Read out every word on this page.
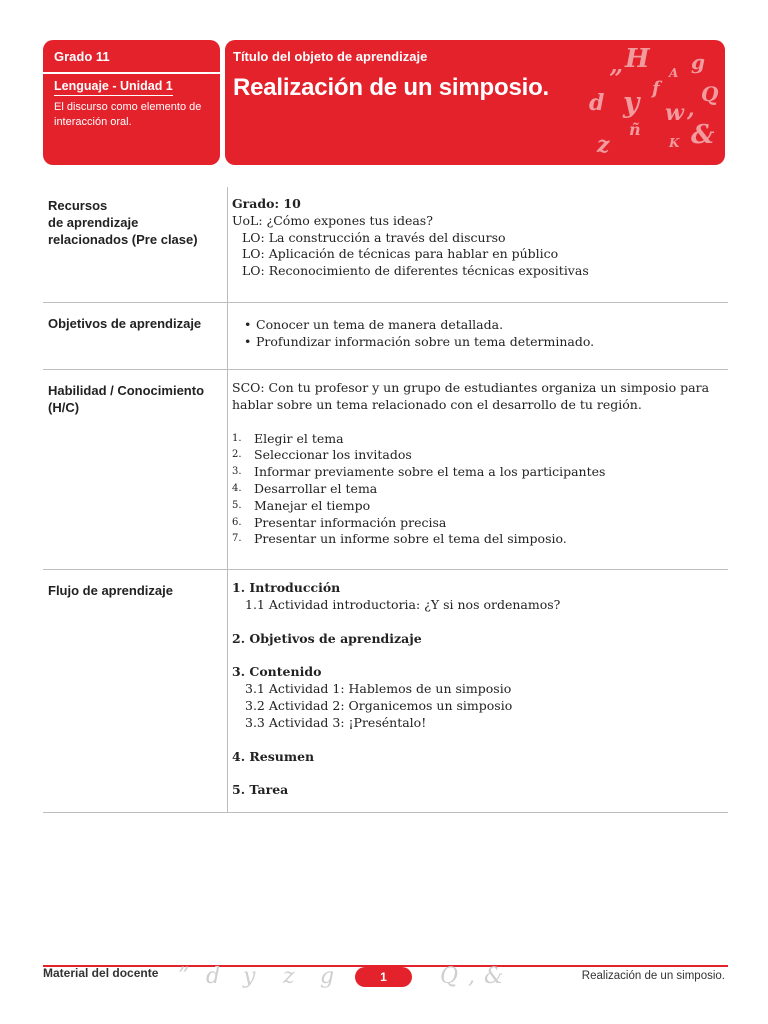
Grado 11
Lenguaje - Unidad 1
El discurso como elemento de interacción oral.
Título del objeto de aprendizaje
Realización de un simposio.
H g
A
” f Q
d y w ,
&
ñ
z	K
Recursos
de aprendizaje
relacionados (Pre clase)
Grado: 10
UoL: ¿Cómo expones tus ideas?
LO: La construcción a través del discurso
LO: Aplicación de técnicas para hablar en público
LO: Reconocimiento de diferentes técnicas expositivas
Objetivos de aprendizaje
•	Conocer un tema de manera detallada.
• Profundizar información sobre un tema determinado.
Habilidad / Conocimiento
(H/C)
SCO: Con tu profesor y un grupo de estudiantes organiza un simposio para hablar sobre un tema relacionado con el desarrollo de tu región.
1. Elegir el tema
2. Seleccionar los invitados
3. Informar previamente sobre el tema a los participantes
4. Desarrollar el tema
5. Manejar el tiempo
6. Presentar información precisa
7. Presentar un informe sobre el tema del simposio.
Flujo de aprendizaje	1. Introducción
1.1 Actividad introductoria: ¿Y si nos ordenamos?
2. Objetivos de aprendizaje
3. Contenido
3.1 Actividad 1: Hablemos de un simposio
3.2 Actividad 2: Organicemos un simposio
3.3 Actividad 3: ¡Preséntalo!
4. Resumen
5. Tarea
Material del docente ” d y z g	Q , &
1	Realización de un simposio.
